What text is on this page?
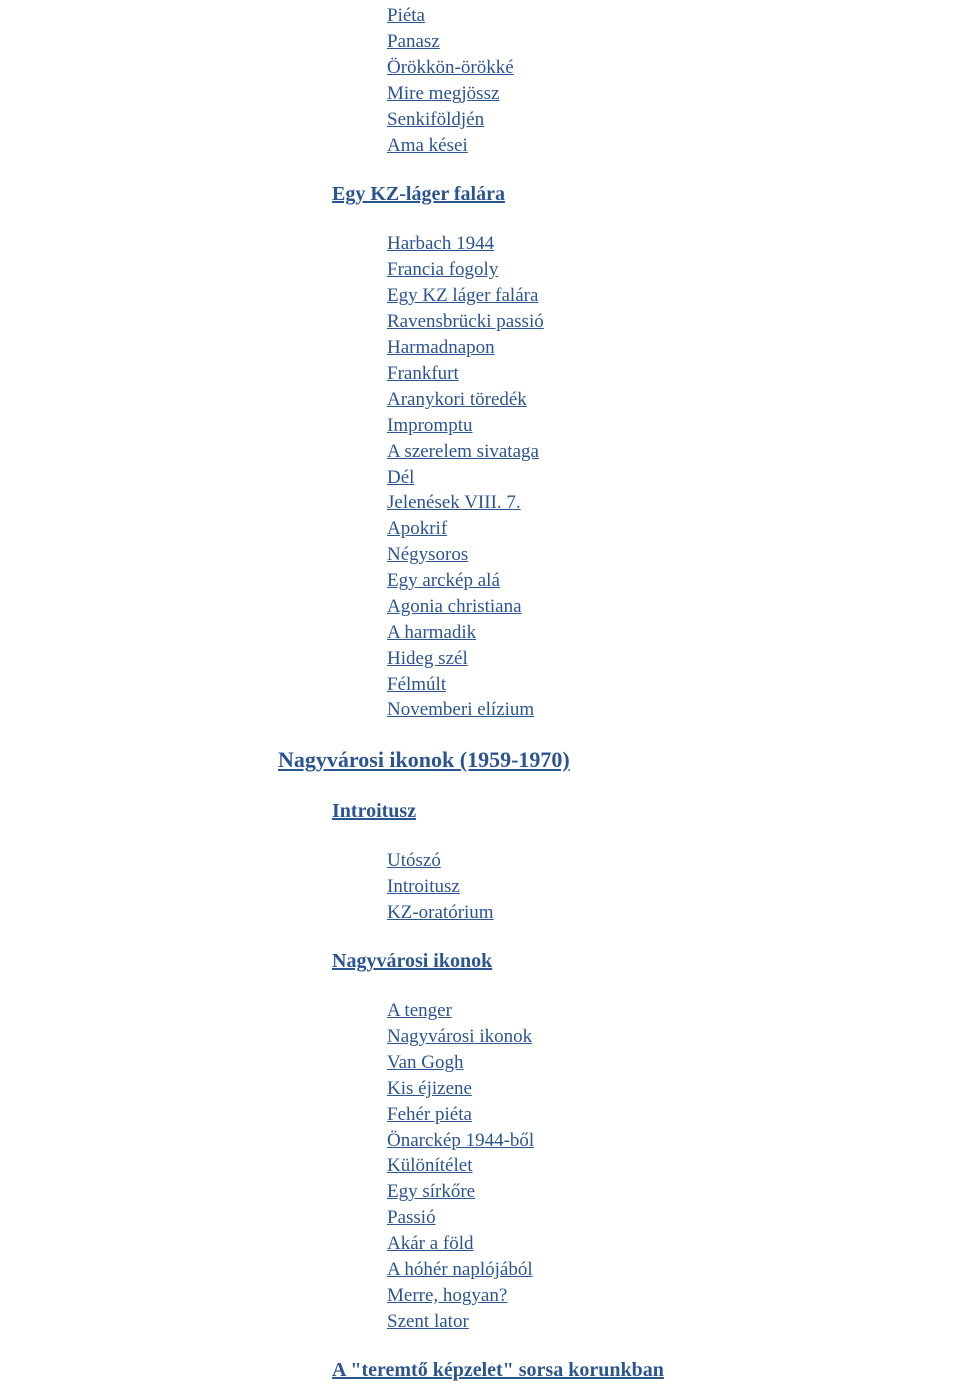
Piéta
Panasz
Örökkön-örökké
Mire megjössz
Senkiföldjén
Ama kései
Egy KZ-láger falára
Harbach 1944
Francia fogoly
Egy KZ láger falára
Ravensbrücki passió
Harmadnapon
Frankfurt
Aranykori töredék
Impromptu
A szerelem sivataga
Dél
Jelenések VIII. 7.
Apokrif
Négysoros
Egy arckép alá
Agonia christiana
A harmadik
Hideg szél
Félmúlt
Novemberi elízium
Nagyvárosi ikonok (1959-1970)
Introitusz
Utószó
Introitusz
KZ-oratórium
Nagyvárosi ikonok
A tenger
Nagyvárosi ikonok
Van Gogh
Kis éjizene
Fehér piéta
Önarckép 1944-ből
Különítélet
Egy sírkőre
Passió
Akár a föld
A hóhér naplójából
Merre, hogyan?
Szent lator
A "teremtő képzelet" sorsa korunkban
